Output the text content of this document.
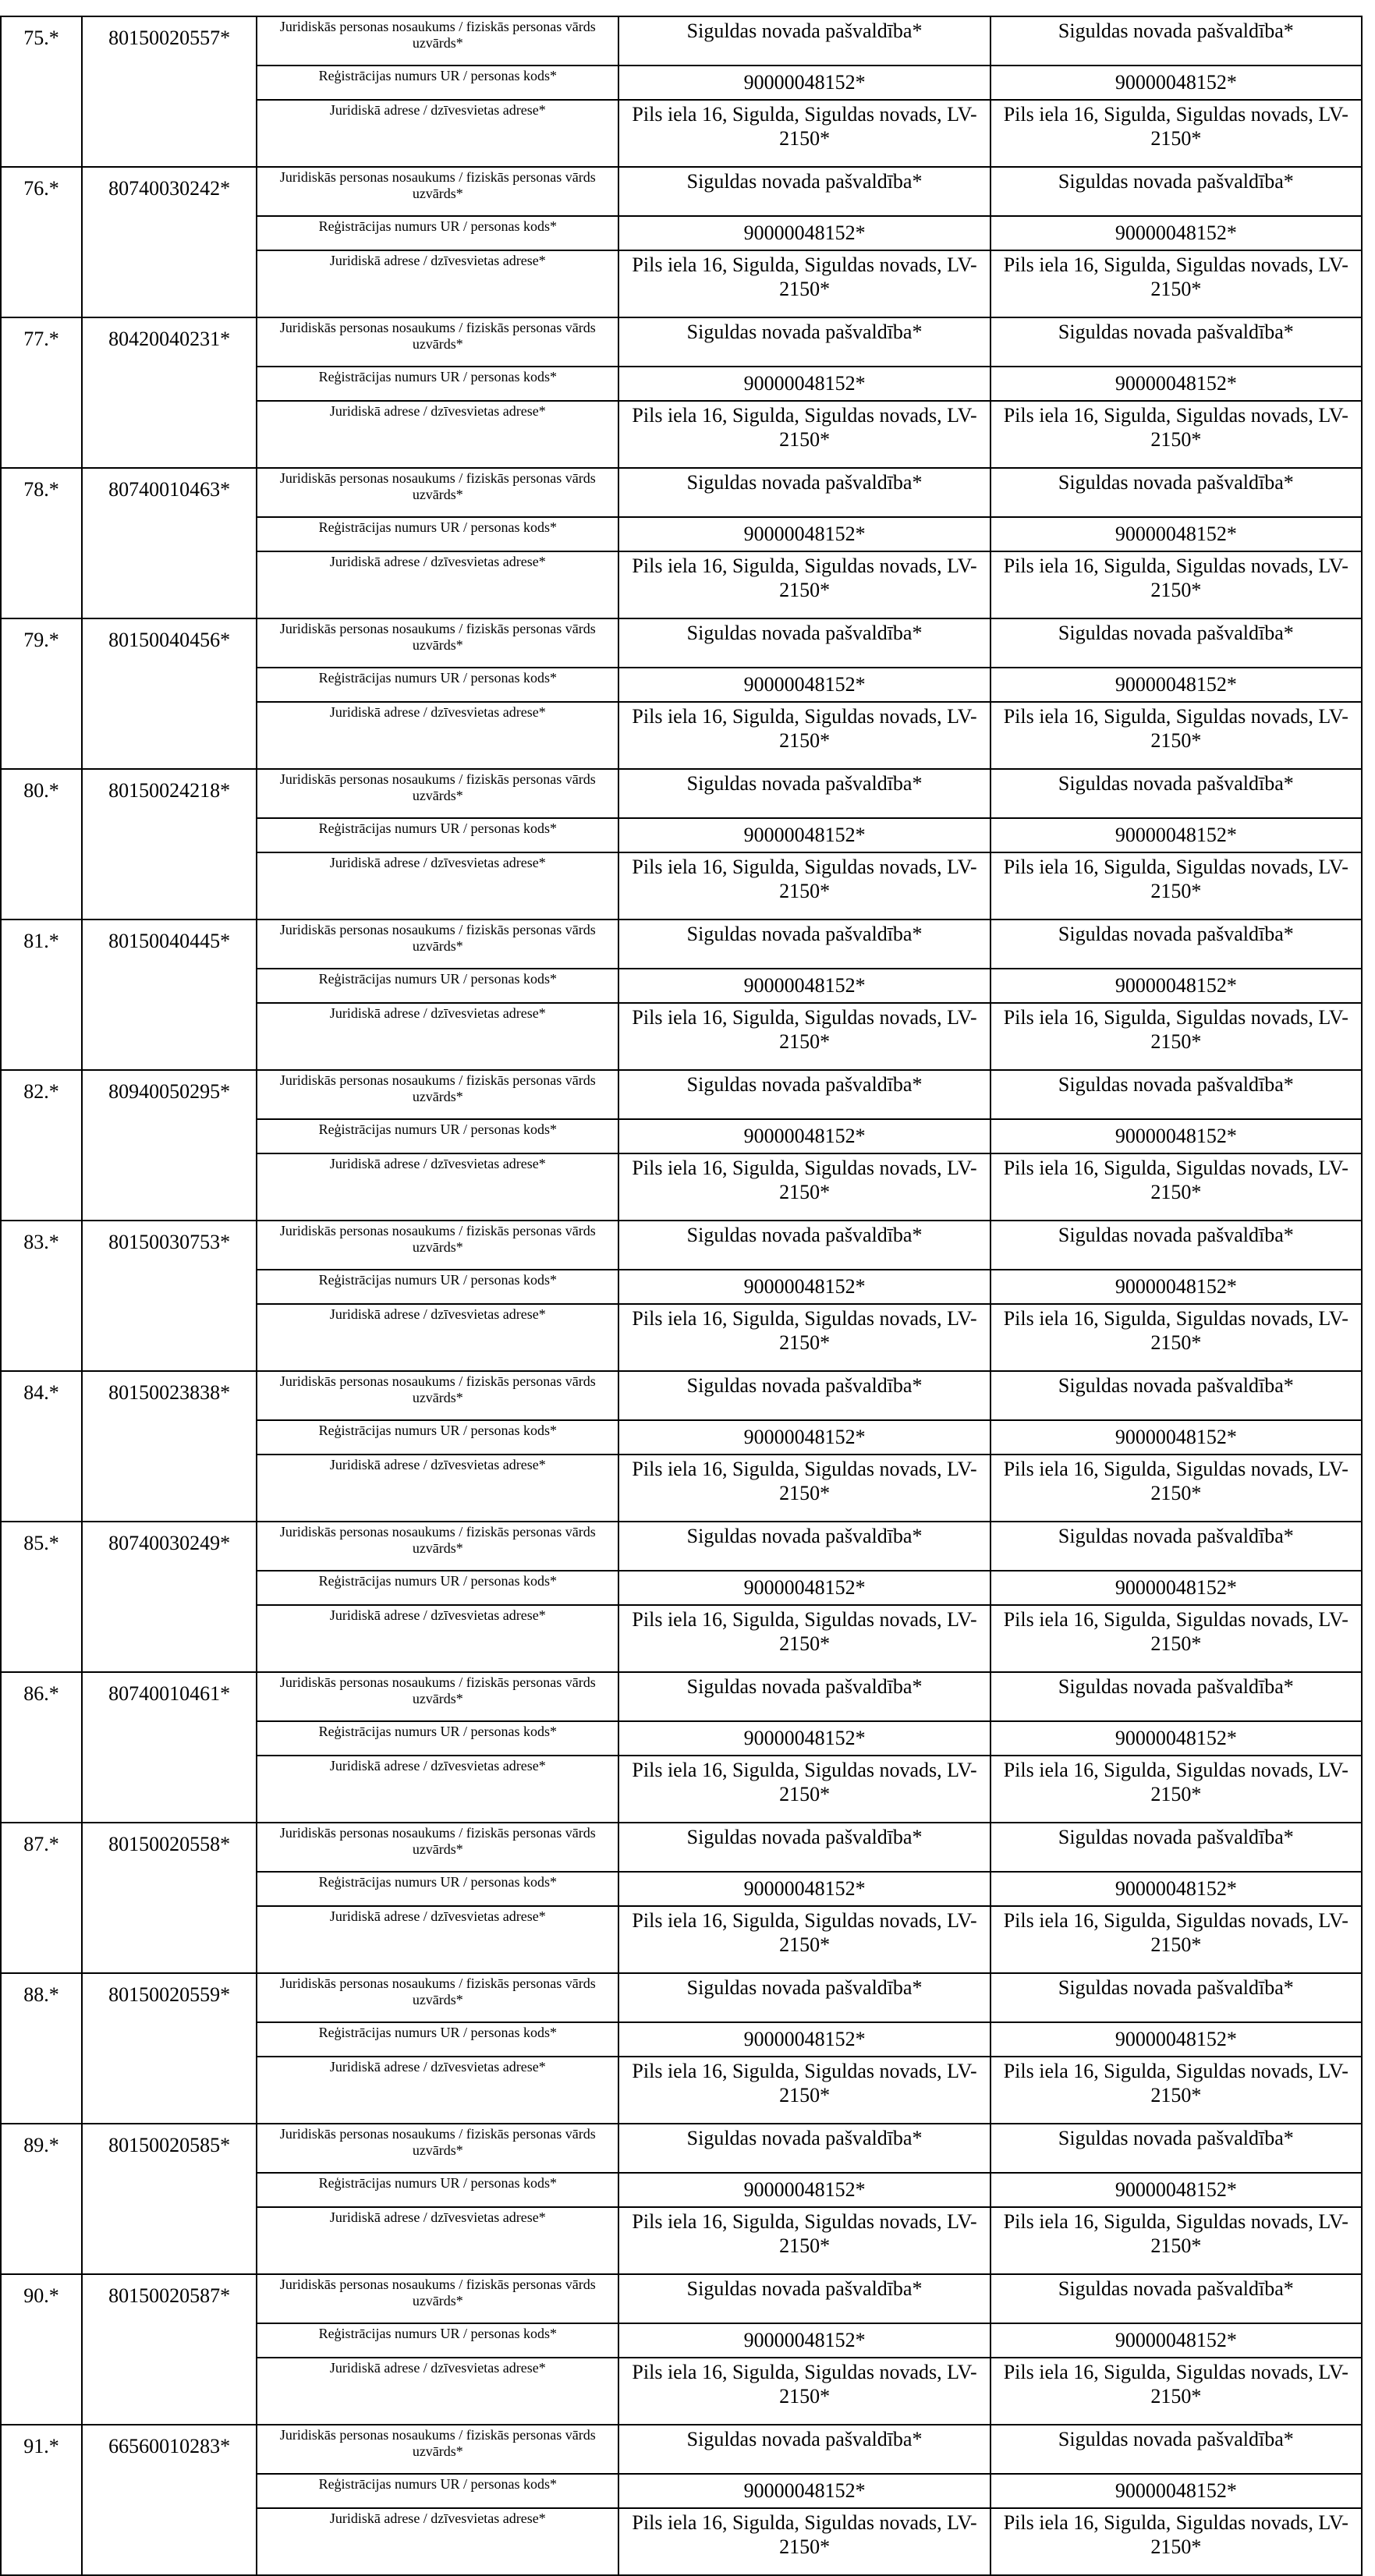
75.*	80150020557*	Juridiskās personas nosaukums / fiziskās personas vārds uzvārds*	Siguldas novada pašvaldība*	Siguldas novada pašvaldība*
		Reģistrācijas numurs UR / personas kods*	90000048152*	90000048152*
		Juridiskā adrese / dzīvesvietas adrese*	Pils iela 16, Sigulda, Siguldas novads, LV-2150*	Pils iela 16, Sigulda, Siguldas novads, LV-2150*
76.*	80740030242*	Juridiskās personas nosaukums / fiziskās personas vārds uzvārds*	Siguldas novada pašvaldība*	Siguldas novada pašvaldība*
		Reģistrācijas numurs UR / personas kods*	90000048152*	90000048152*
		Juridiskā adrese / dzīvesvietas adrese*	Pils iela 16, Sigulda, Siguldas novads, LV-2150*	Pils iela 16, Sigulda, Siguldas novads, LV-2150*
77.*	80420040231*	Juridiskās personas nosaukums / fiziskās personas vārds uzvārds*	Siguldas novada pašvaldība*	Siguldas novada pašvaldība*
		Reģistrācijas numurs UR / personas kods*	90000048152*	90000048152*
		Juridiskā adrese / dzīvesvietas adrese*	Pils iela 16, Sigulda, Siguldas novads, LV-2150*	Pils iela 16, Sigulda, Siguldas novads, LV-2150*
78.*	80740010463*	Juridiskās personas nosaukums / fiziskās personas vārds uzvārds*	Siguldas novada pašvaldība*	Siguldas novada pašvaldība*
		Reģistrācijas numurs UR / personas kods*	90000048152*	90000048152*
		Juridiskā adrese / dzīvesvietas adrese*	Pils iela 16, Sigulda, Siguldas novads, LV-2150*	Pils iela 16, Sigulda, Siguldas novads, LV-2150*
79.*	80150040456*	Juridiskās personas nosaukums / fiziskās personas vārds uzvārds*	Siguldas novada pašvaldība*	Siguldas novada pašvaldība*
		Reģistrācijas numurs UR / personas kods*	90000048152*	90000048152*
		Juridiskā adrese / dzīvesvietas adrese*	Pils iela 16, Sigulda, Siguldas novads, LV-2150*	Pils iela 16, Sigulda, Siguldas novads, LV-2150*
80.*	80150024218*	Juridiskās personas nosaukums / fiziskās personas vārds uzvārds*	Siguldas novada pašvaldība*	Siguldas novada pašvaldība*
		Reģistrācijas numurs UR / personas kods*	90000048152*	90000048152*
		Juridiskā adrese / dzīvesvietas adrese*	Pils iela 16, Sigulda, Siguldas novads, LV-2150*	Pils iela 16, Sigulda, Siguldas novads, LV-2150*
81.*	80150040445*	Juridiskās personas nosaukums / fiziskās personas vārds uzvārds*	Siguldas novada pašvaldība*	Siguldas novada pašvaldība*
		Reģistrācijas numurs UR / personas kods*	90000048152*	90000048152*
		Juridiskā adrese / dzīvesvietas adrese*	Pils iela 16, Sigulda, Siguldas novads, LV-2150*	Pils iela 16, Sigulda, Siguldas novads, LV-2150*
82.*	80940050295*	Juridiskās personas nosaukums / fiziskās personas vārds uzvārds*	Siguldas novada pašvaldība*	Siguldas novada pašvaldība*
		Reģistrācijas numurs UR / personas kods*	90000048152*	90000048152*
		Juridiskā adrese / dzīvesvietas adrese*	Pils iela 16, Sigulda, Siguldas novads, LV-2150*	Pils iela 16, Sigulda, Siguldas novads, LV-2150*
83.*	80150030753*	Juridiskās personas nosaukums / fiziskās personas vārds uzvārds*	Siguldas novada pašvaldība*	Siguldas novada pašvaldība*
		Reģistrācijas numurs UR / personas kods*	90000048152*	90000048152*
		Juridiskā adrese / dzīvesvietas adrese*	Pils iela 16, Sigulda, Siguldas novads, LV-2150*	Pils iela 16, Sigulda, Siguldas novads, LV-2150*
84.*	80150023838*	Juridiskās personas nosaukums / fiziskās personas vārds uzvārds*	Siguldas novada pašvaldība*	Siguldas novada pašvaldība*
		Reģistrācijas numurs UR / personas kods*	90000048152*	90000048152*
		Juridiskā adrese / dzīvesvietas adrese*	Pils iela 16, Sigulda, Siguldas novads, LV-2150*	Pils iela 16, Sigulda, Siguldas novads, LV-2150*
85.*	80740030249*	Juridiskās personas nosaukums / fiziskās personas vārds uzvārds*	Siguldas novada pašvaldība*	Siguldas novada pašvaldība*
		Reģistrācijas numurs UR / personas kods*	90000048152*	90000048152*
		Juridiskā adrese / dzīvesvietas adrese*	Pils iela 16, Sigulda, Siguldas novads, LV-2150*	Pils iela 16, Sigulda, Siguldas novads, LV-2150*
86.*	80740010461*	Juridiskās personas nosaukums / fiziskās personas vārds uzvārds*	Siguldas novada pašvaldība*	Siguldas novada pašvaldība*
		Reģistrācijas numurs UR / personas kods*	90000048152*	90000048152*
		Juridiskā adrese / dzīvesvietas adrese*	Pils iela 16, Sigulda, Siguldas novads, LV-2150*	Pils iela 16, Sigulda, Siguldas novads, LV-2150*
87.*	80150020558*	Juridiskās personas nosaukums / fiziskās personas vārds uzvārds*	Siguldas novada pašvaldība*	Siguldas novada pašvaldība*
		Reģistrācijas numurs UR / personas kods*	90000048152*	90000048152*
		Juridiskā adrese / dzīvesvietas adrese*	Pils iela 16, Sigulda, Siguldas novads, LV-2150*	Pils iela 16, Sigulda, Siguldas novads, LV-2150*
88.*	80150020559*	Juridiskās personas nosaukums / fiziskās personas vārds uzvārds*	Siguldas novada pašvaldība*	Siguldas novada pašvaldība*
		Reģistrācijas numurs UR / personas kods*	90000048152*	90000048152*
		Juridiskā adrese / dzīvesvietas adrese*	Pils iela 16, Sigulda, Siguldas novads, LV-2150*	Pils iela 16, Sigulda, Siguldas novads, LV-2150*
89.*	80150020585*	Juridiskās personas nosaukums / fiziskās personas vārds uzvārds*	Siguldas novada pašvaldība*	Siguldas novada pašvaldība*
		Reģistrācijas numurs UR / personas kods*	90000048152*	90000048152*
		Juridiskā adrese / dzīvesvietas adrese*	Pils iela 16, Sigulda, Siguldas novads, LV-2150*	Pils iela 16, Sigulda, Siguldas novads, LV-2150*
90.*	80150020587*	Juridiskās personas nosaukums / fiziskās personas vārds uzvārds*	Siguldas novada pašvaldība*	Siguldas novada pašvaldība*
		Reģistrācijas numurs UR / personas kods*	90000048152*	90000048152*
		Juridiskā adrese / dzīvesvietas adrese*	Pils iela 16, Sigulda, Siguldas novads, LV-2150*	Pils iela 16, Sigulda, Siguldas novads, LV-2150*
91.*	66560010283*	Juridiskās personas nosaukums / fiziskās personas vārds uzvārds*	Siguldas novada pašvaldība*	Siguldas novada pašvaldība*
		Reģistrācijas numurs UR / personas kods*	90000048152*	90000048152*
		Juridiskā adrese / dzīvesvietas adrese*	Pils iela 16, Sigulda, Siguldas novads, LV-2150*	Pils iela 16, Sigulda, Siguldas novads, LV-2150*
